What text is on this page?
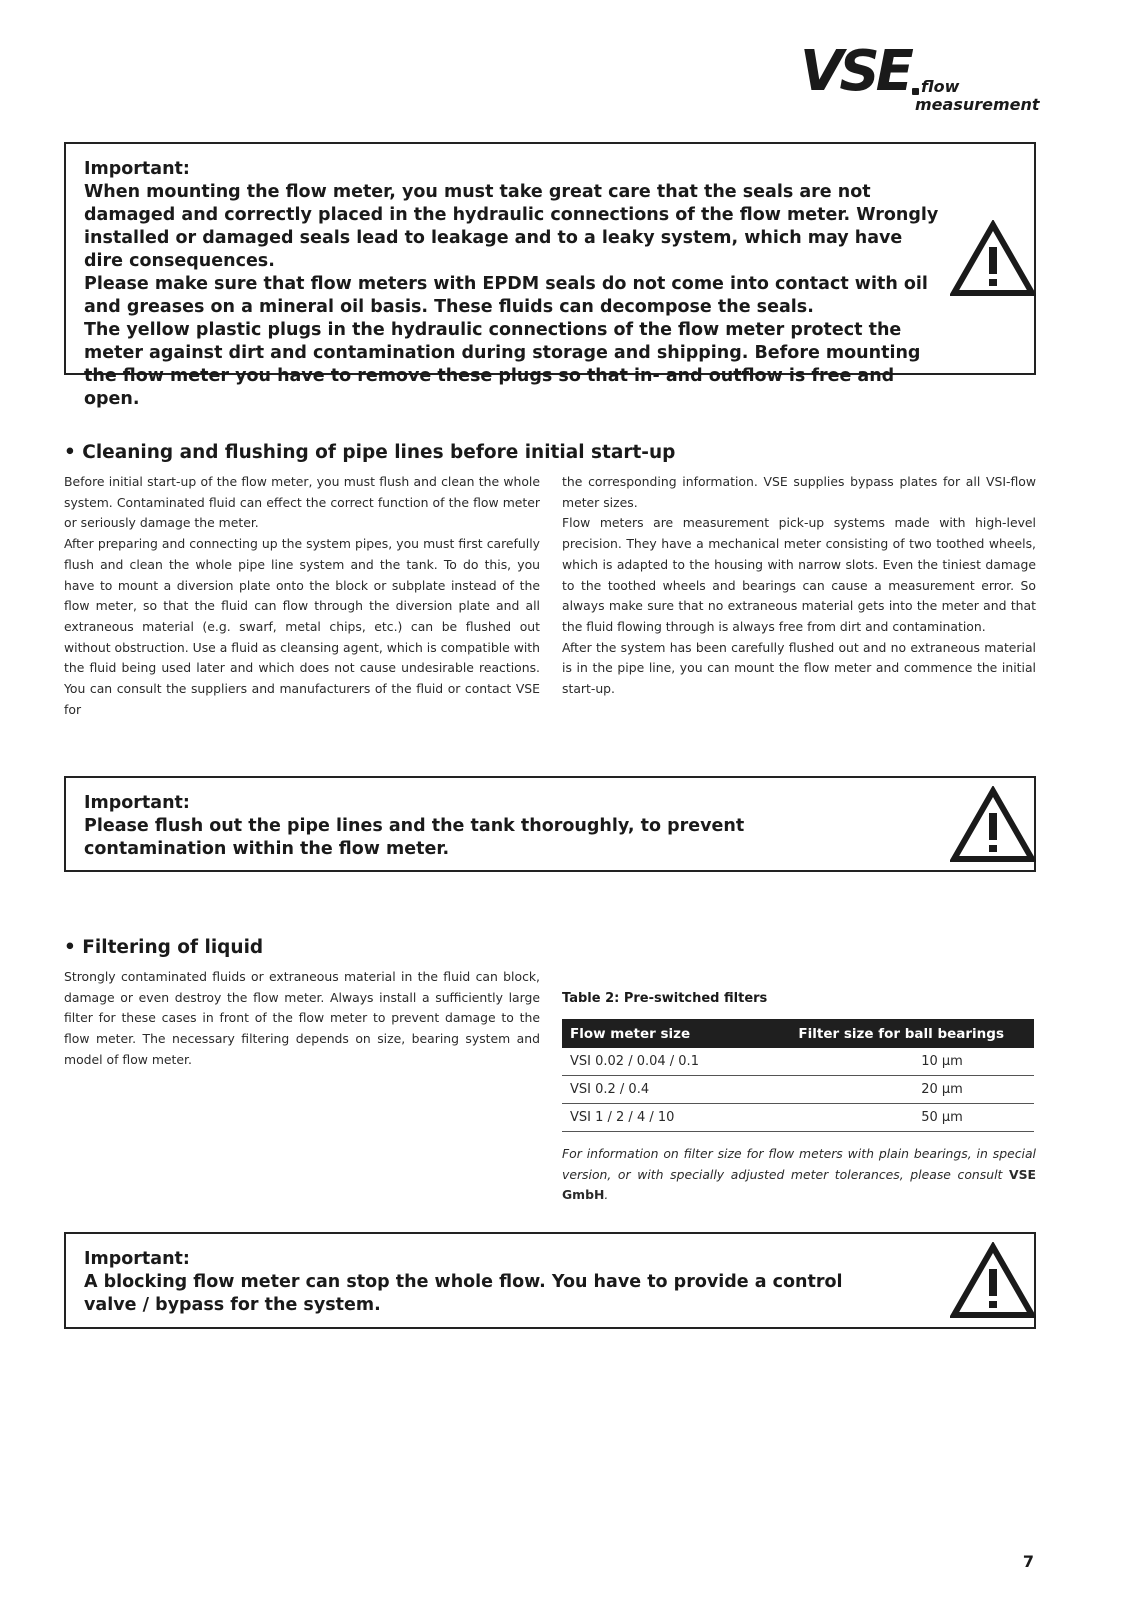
VSE flow
measurement

Important:

When mounting the flow meter, you must take great care that the seals are not damaged and correctly placed in the hydraulic connections of the flow meter. Wrongly installed or damaged seals lead to leakage and to a leaky system, which may have dire consequences.

Please make sure that flow meters with EPDM seals do not come into contact with oil and greases on a mineral oil basis. These fluids can decompose the seals.

The yellow plastic plugs in the hydraulic connections of the flow meter protect the meter against dirt and contamination during storage and shipping. Before mounting the flow meter you have to remove these plugs so that in- and outflow is free and open.

• Cleaning and flushing of pipe lines before initial start-up

Before initial start-up of the flow meter, you must flush and clean the whole system. Contaminated fluid can effect the correct function of the flow meter or seriously damage the meter.

After preparing and connecting up the system pipes, you must first carefully flush and clean the whole pipe line system and the tank. To do this, you have to mount a diversion plate onto the block or subplate instead of the flow meter, so that the fluid can flow through the diversion plate and all extraneous material (e.g. swarf, metal chips, etc.) can be flushed out without obstruction. Use a fluid as cleansing agent, which is compatible with the fluid being used later and which does not cause undesirable reactions. You can consult the suppliers and manufacturers of the fluid or contact VSE for

the corresponding information. VSE supplies bypass plates for all VSI-flow meter sizes.

Flow meters are measurement pick-up systems made with high-level precision. They have a mechanical meter consisting of two toothed wheels, which is adapted to the housing with narrow slots. Even the tiniest damage to the toothed wheels and bearings can cause a measurement error. So always make sure that no extraneous material gets into the meter and that the fluid flowing through is always free from dirt and contamination.

After the system has been carefully flushed out and no extraneous material is in the pipe line, you can mount the flow meter and commence the initial start-up.

Important:

Please flush out the pipe lines and the tank thoroughly, to prevent contamination within the flow meter.

• Filtering of liquid
Strongly contaminated fluids or extraneous material in the fluid can block, damage or even destroy the flow meter. Always install a sufficiently large filter for these cases in front of the flow meter to prevent damage to the flow meter. The necessary filtering depends on size, bearing system and model of flow meter.
Table 2: Pre-switched filters
Flow meter size	Filter size for ball bearings
VSI 0.02 / 0.04 / 0.1	10 µm
VSI 0.2 / 0.4	20 µm
VSI 1 / 2 / 4 / 10	50 µm
For information on filter size for flow meters with plain bearings, in special version, or with specially adjusted meter tolerances, please consult VSE GmbH.

Important:

A blocking flow meter can stop the whole flow. You have to provide a control valve / bypass for the system.

7
